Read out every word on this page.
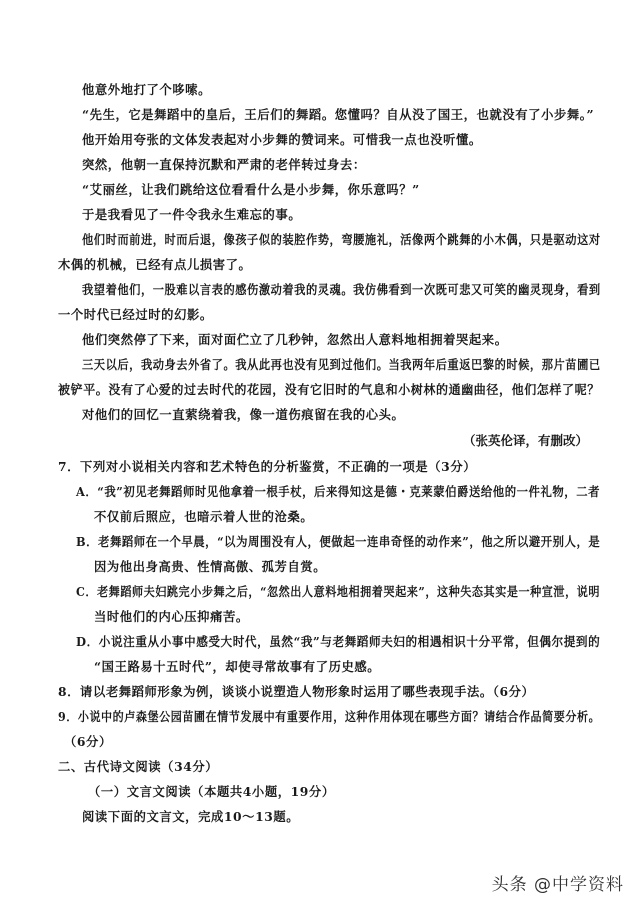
他意外地打了个哆嗦。
“先生，它是舞蹈中的皇后，王后们的舞蹈。您懂吗？自从没了国王，也就没有了小步舞。”
他开始用夸张的文体发表起对小步舞的赞词来。可惜我一点也没听懂。
突然，他朝一直保持沉默和严肃的老伴转过身去：
“艾丽丝，让我们跳给这位看看什么是小步舞，你乐意吗？”
于是我看见了一件令我永生难忘的事。
他们时而前进，时而后退，像孩子似的装腔作势，弯腰施礼，活像两个跳舞的小木偶，只是驱动这对
木偶的机械，已经有点儿损害了。
我望着他们，一股难以言表的感伤激动着我的灵魂。我仿佛看到一次既可悲又可笑的幽灵现身，看到
一个时代已经过时的幻影。
他们突然停了下来，面对面伫立了几秒钟，忽然出人意料地相拥着哭起来。
三天以后，我动身去外省了。我从此再也没有见到过他们。当我两年后重返巴黎的时候，那片苗圃已
被铲平。没有了心爱的过去时代的花园，没有它旧时的气息和小树林的通幽曲径，他们怎样了呢？
对他们的回忆一直萦绕着我，像一道伤痕留在我的心头。
（张英伦译，有删改）
7．下列对小说相关内容和艺术特色的分析鉴赏，不正确的一项是（3分）
A．“我”初见老舞蹈师时见他拿着一根手杖，后来得知这是德・克莱蒙伯爵送给他的一件礼物，二者
不仅前后照应，也暗示着人世的沧桑。
B．老舞蹈师在一个早晨，“以为周围没有人，便做起一连串奇怪的动作来”，他之所以避开别人，是
因为他出身高贵、性情高傲、孤芳自赏。
C．老舞蹈师夫妇跳完小步舞之后，“忽然出人意料地相拥着哭起来”，这种失态其实是一种宣泄，说明
当时他们的内心压抑痛苦。
D．小说注重从小事中感受大时代，虽然“我”与老舞蹈师夫妇的相遇相识十分平常，但偶尔提到的
“国王路易十五时代”，却使寻常故事有了历史感。
8．请以老舞蹈师形象为例，谈谈小说塑造人物形象时运用了哪些表现手法。（6分）
9．小说中的卢森堡公园苗圃在情节发展中有重要作用，这种作用体现在哪些方面？请结合作品简要分析。
（6分）
二、古代诗文阅读（34分）
（一）文言文阅读（本题共4小题，19分）
阅读下面的文言文，完成10～13题。
头条 @中学资料
